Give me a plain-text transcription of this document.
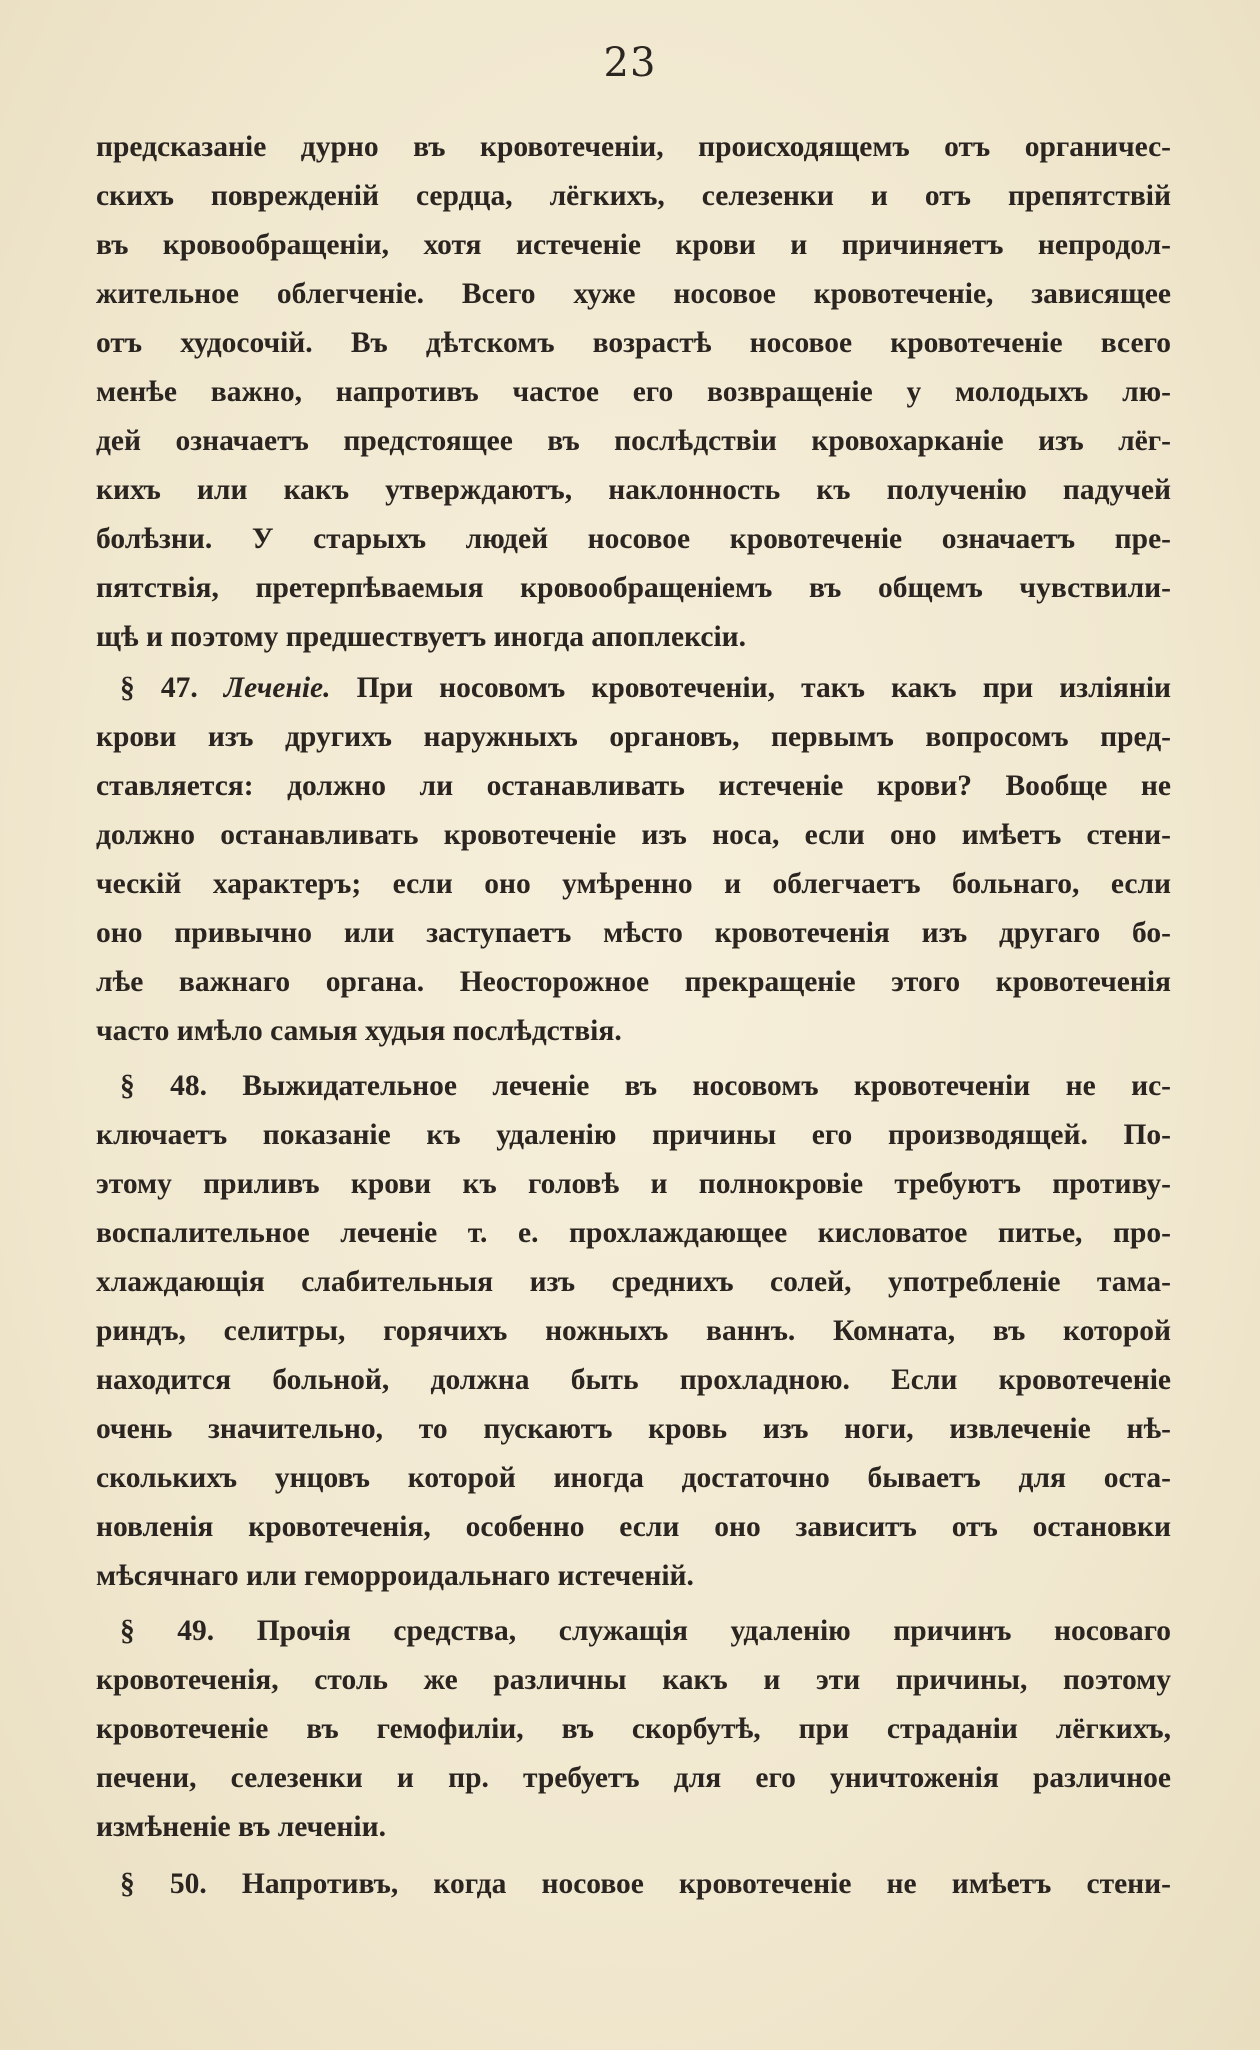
23
предсказаніе дурно въ кровотеченіи, происходящемъ отъ органичес-
скихъ поврежденій сердца, лёгкихъ, селезенки и отъ препятствій
въ кровообращеніи, хотя истеченіе крови и причиняетъ непродол-
жительное облегченіе. Всего хуже носовое кровотеченіе, зависящее
отъ худосочій. Въ дѣтскомъ возрастѣ носовое кровотеченіе всего
менѣе важно, напротивъ частое его возвращеніе у молодыхъ лю-
дей означаетъ предстоящее въ послѣдствіи кровохарканіе изъ лёг-
кихъ или какъ утверждаютъ, наклонность къ полученію падучей
болѣзни. У старыхъ людей носовое кровотеченіе означаетъ пре-
пятствія, претерпѣваемыя кровообращеніемъ въ общемъ чувствили-
щѣ и поэтому предшествуетъ иногда апоплексіи.
§ 47. Леченіе. При носовомъ кровотеченіи, такъ какъ при изліяніи
крови изъ другихъ наружныхъ органовъ, первымъ вопросомъ пред-
ставляется: должно ли останавливать истеченіе крови? Вообще не
должно останавливать кровотеченіе изъ носа, если оно имѣетъ стени-
ческій характеръ; если оно умѣренно и облегчаетъ больнаго, если
оно привычно или заступаетъ мѣсто кровотеченія изъ другаго бо-
лѣе важнаго органа. Неосторожное прекращеніе этого кровотеченія
часто имѣло самыя худыя послѣдствія.
§ 48. Выжидательное леченіе въ носовомъ кровотеченіи не ис-
ключаетъ показаніе къ удаленію причины его производящей. По-
этому приливъ крови къ головѣ и полнокровіе требуютъ противу-
воспалительное леченіе т. е. прохлаждающее кисловатое питье, про-
хлаждающія слабительныя изъ среднихъ солей, употребленіе тама-
риндъ, селитры, горячихъ ножныхъ ваннъ. Комната, въ которой
находится больной, должна быть прохладною. Если кровотеченіе
очень значительно, то пускаютъ кровь изъ ноги, извлеченіе нѣ-
сколькихъ унцовъ которой иногда достаточно бываетъ для оста-
новленія кровотеченія, особенно если оно зависитъ отъ остановки
мѣсячнаго или геморроидальнаго истеченій.
§ 49. Прочія средства, служащія удаленію причинъ носоваго
кровотеченія, столь же различны какъ и эти причины, поэтому
кровотеченіе въ гемофиліи, въ скорбутѣ, при страданіи лёгкихъ,
печени, селезенки и пр. требуетъ для его уничтоженія различное
измѣненіе въ леченіи.
§ 50. Напротивъ, когда носовое кровотеченіе не имѣетъ стени-
